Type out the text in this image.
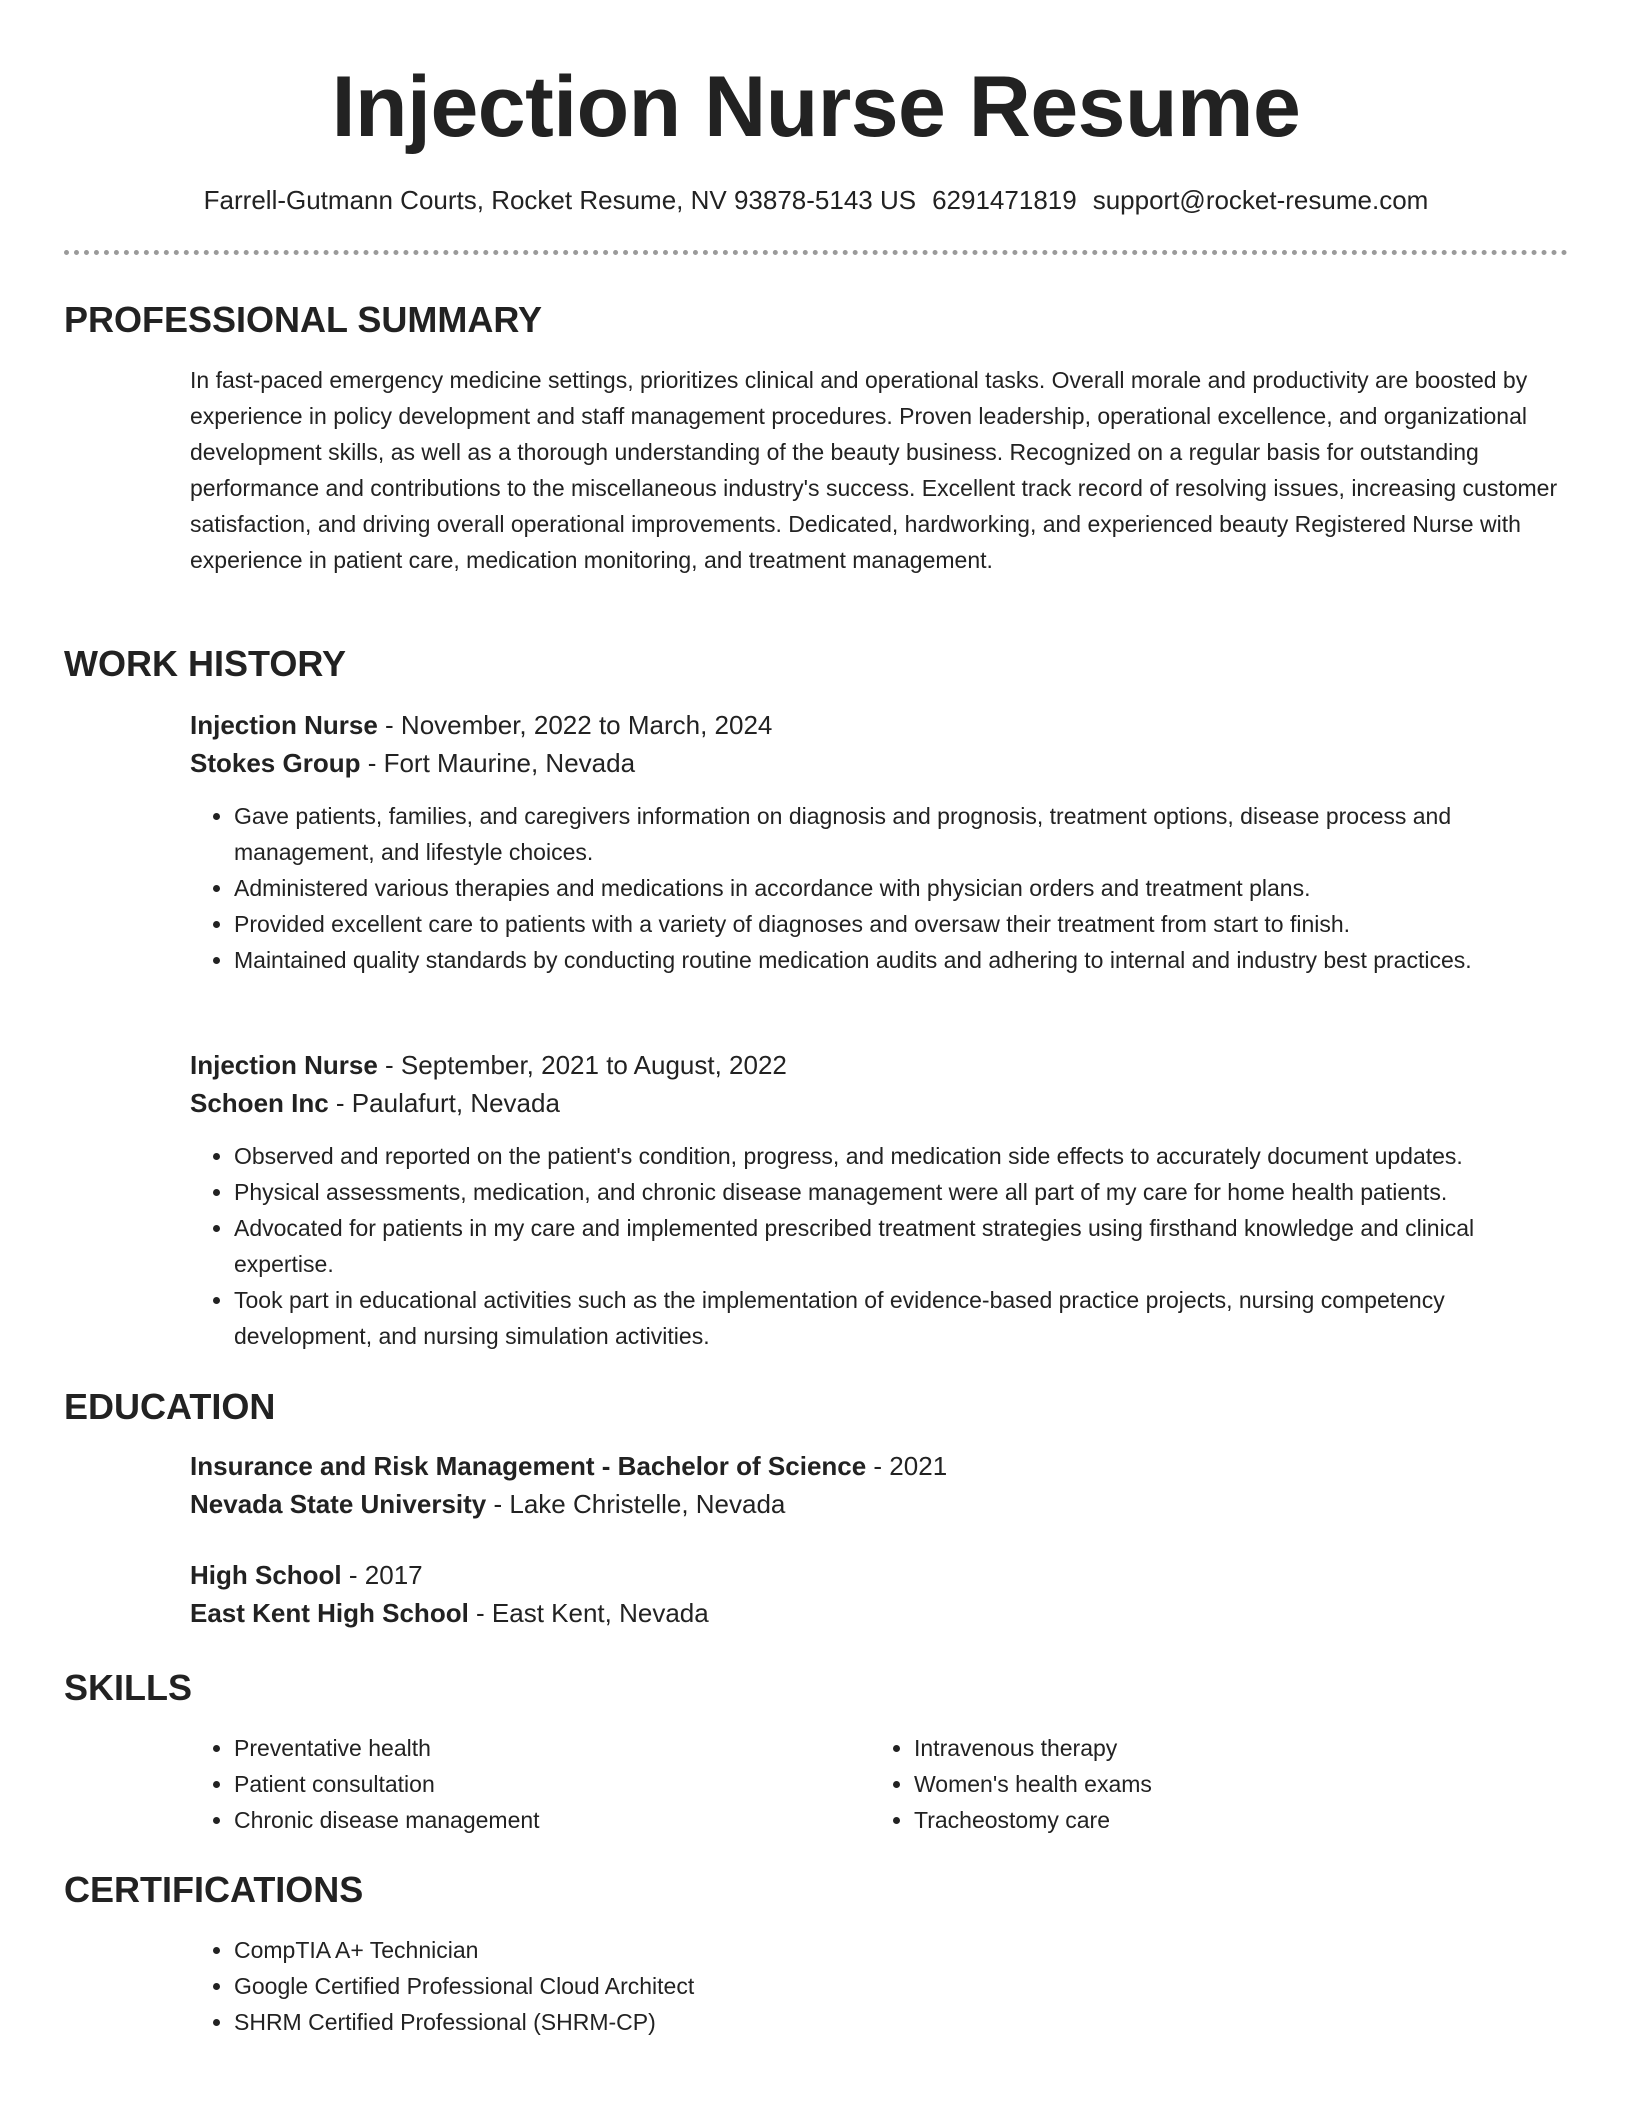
Injection Nurse Resume
Farrell-Gutmann Courts, Rocket Resume, NV 93878-5143 US 6291471819 support@rocket-resume.com
PROFESSIONAL SUMMARY
In fast-paced emergency medicine settings, prioritizes clinical and operational tasks. Overall morale and productivity are boosted by experience in policy development and staff management procedures. Proven leadership, operational excellence, and organizational development skills, as well as a thorough understanding of the beauty business. Recognized on a regular basis for outstanding performance and contributions to the miscellaneous industry's success. Excellent track record of resolving issues, increasing customer satisfaction, and driving overall operational improvements. Dedicated, hardworking, and experienced beauty Registered Nurse with experience in patient care, medication monitoring, and treatment management.
WORK HISTORY
Injection Nurse - November, 2022 to March, 2024
Stokes Group - Fort Maurine, Nevada
• Gave patients, families, and caregivers information on diagnosis and prognosis, treatment options, disease process and management, and lifestyle choices.
• Administered various therapies and medications in accordance with physician orders and treatment plans.
• Provided excellent care to patients with a variety of diagnoses and oversaw their treatment from start to finish.
• Maintained quality standards by conducting routine medication audits and adhering to internal and industry best practices.
Injection Nurse - September, 2021 to August, 2022
Schoen Inc - Paulafurt, Nevada
• Observed and reported on the patient's condition, progress, and medication side effects to accurately document updates.
• Physical assessments, medication, and chronic disease management were all part of my care for home health patients.
• Advocated for patients in my care and implemented prescribed treatment strategies using firsthand knowledge and clinical expertise.
• Took part in educational activities such as the implementation of evidence-based practice projects, nursing competency development, and nursing simulation activities.
EDUCATION
Insurance and Risk Management - Bachelor of Science - 2021
Nevada State University - Lake Christelle, Nevada
High School - 2017
East Kent High School - East Kent, Nevada
SKILLS
• Preventative health
• Patient consultation
• Chronic disease management
• Intravenous therapy
• Women's health exams
• Tracheostomy care
CERTIFICATIONS
• CompTIA A+ Technician
• Google Certified Professional Cloud Architect
• SHRM Certified Professional (SHRM-CP)
